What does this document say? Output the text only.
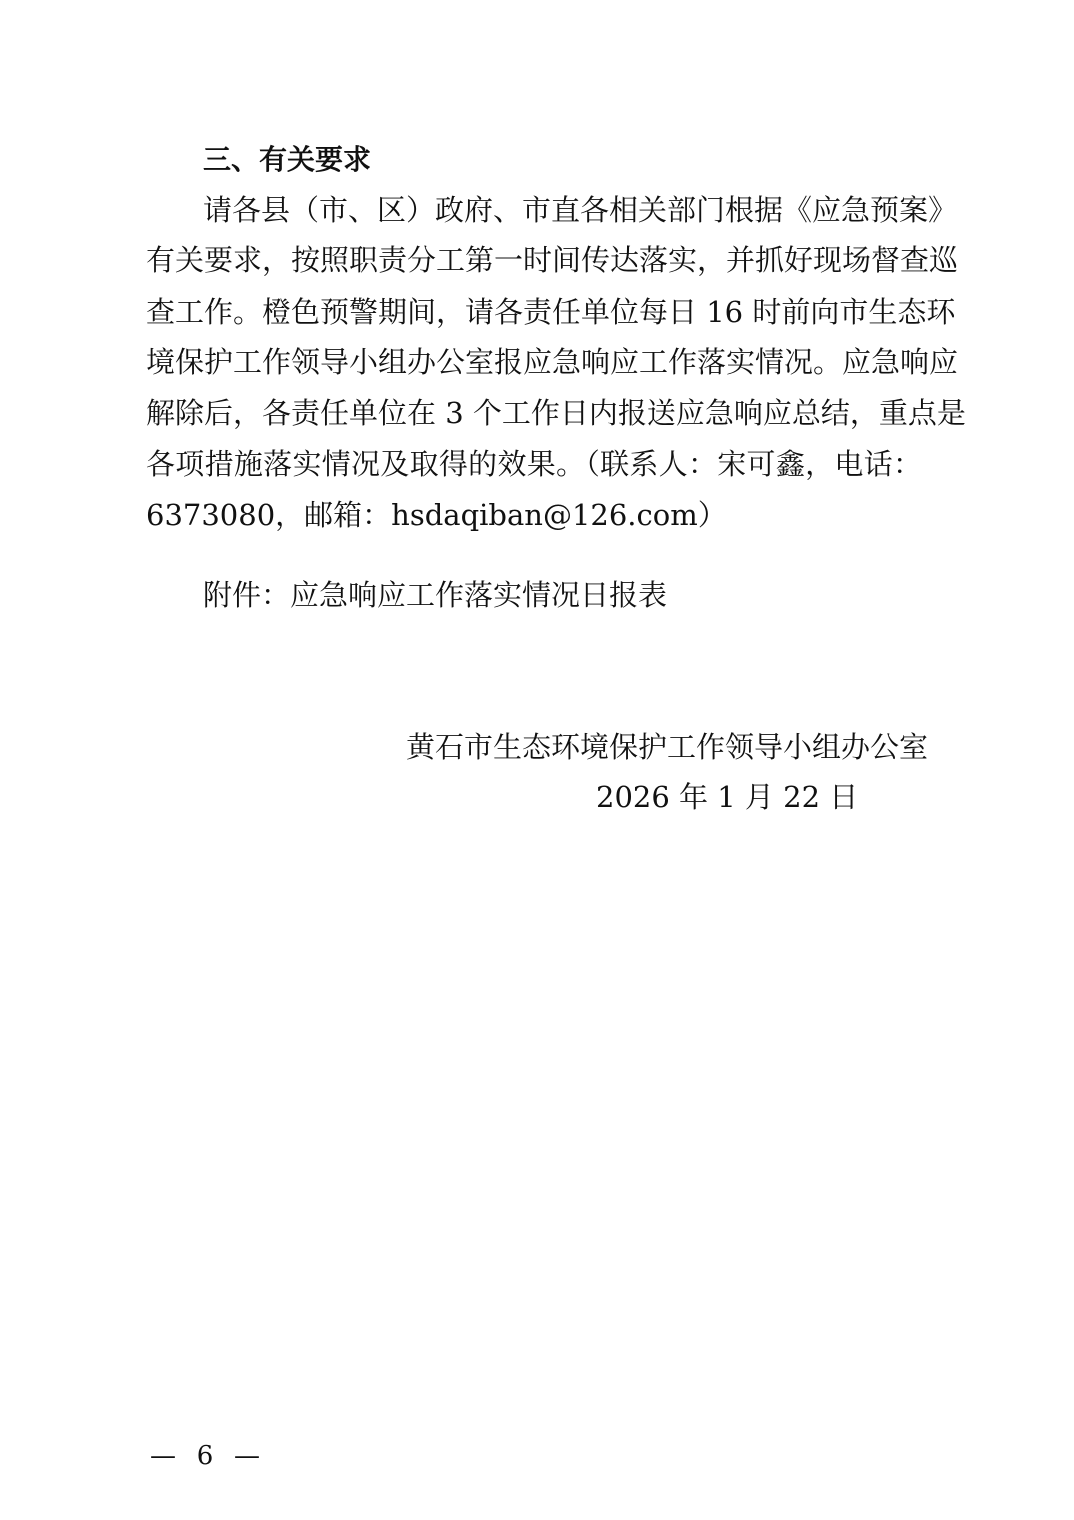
三、有关要求
请各县（市、区）政府、市直各相关部门根据《应急预案》
有关要求，按照职责分工第一时间传达落实，并抓好现场督查巡
查工作。橙色预警期间，请各责任单位每日 16 时前向市生态环
境保护工作领导小组办公室报应急响应工作落实情况。应急响应
解除后，各责任单位在 3 个工作日内报送应急响应总结，重点是
各项措施落实情况及取得的效果。（联系人：宋可鑫，电话：
6373080，邮箱：hsdaqiban@126.com）
附件：应急响应工作落实情况日报表
黄石市生态环境保护工作领导小组办公室
2026 年 1 月 22 日
— 6 —
